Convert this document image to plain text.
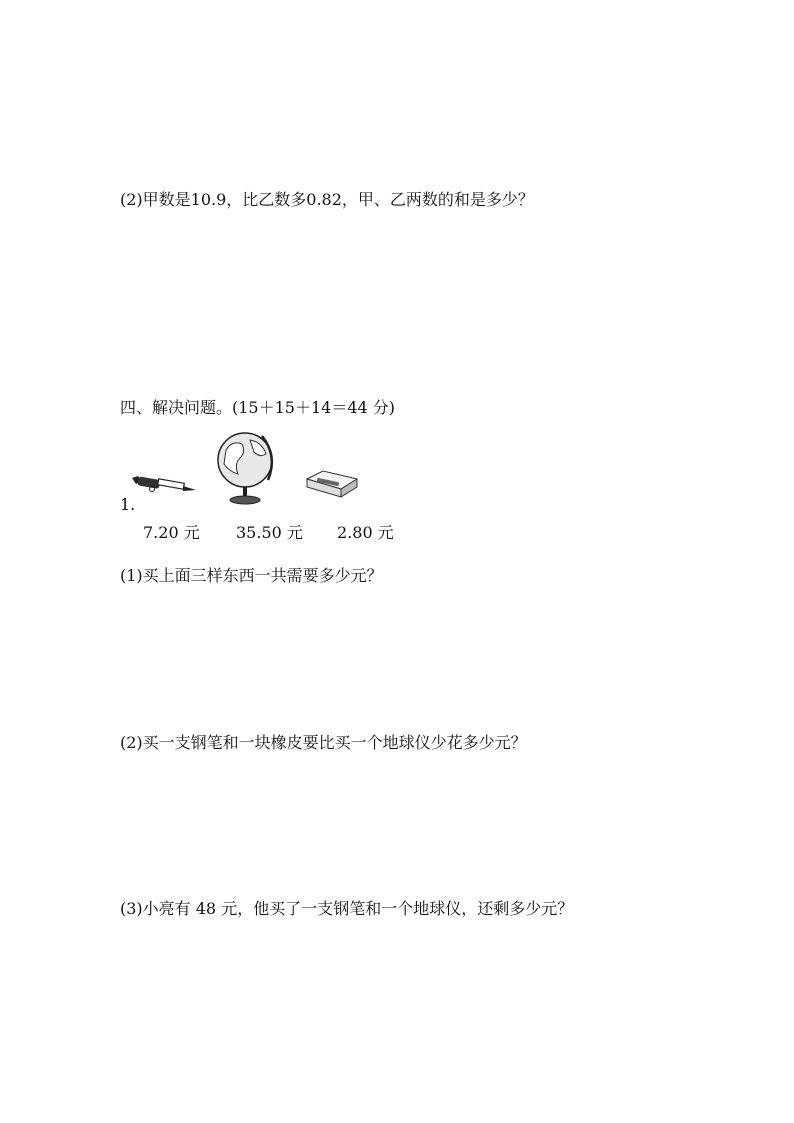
(2)甲数是10.9，比乙数多0.82，甲、乙两数的和是多少？
四、解决问题。(15＋15＋14＝44 分)
1.
7.20 元 35.50 元 2.80 元
(1)买上面三样东西一共需要多少元？
(2)买一支钢笔和一块橡皮要比买一个地球仪少花多少元？
(3)小亮有 48 元，他买了一支钢笔和一个地球仪，还剩多少元？
